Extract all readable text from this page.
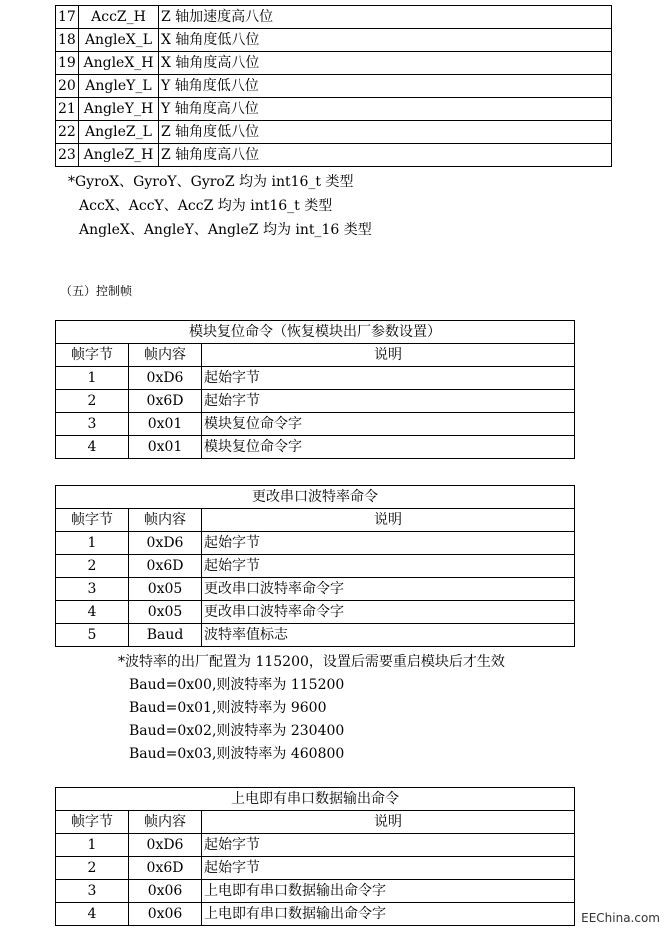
17	AccZ_H	Z 轴加速度高八位
18	AngleX_L	X 轴角度低八位
19	AngleX_H	X 轴角度高八位
20	AngleY_L	Y 轴角度低八位
21	AngleY_H	Y 轴角度高八位
22	AngleZ_L	Z 轴角度低八位
23	AngleZ_H	Z 轴角度高八位
*GyroX、GyroY、GyroZ 均为 int16_t 类型
AccX、AccY、AccZ 均为 int16_t 类型
AngleX、AngleY、AngleZ 均为 int_16 类型
（五）控制帧
模块复位命令（恢复模块出厂参数设置）		
帧字节	帧内容	说明
1	0xD6	起始字节
2	0x6D	起始字节
3	0x01	模块复位命令字
4	0x01	模块复位命令字
更改串口波特率命令		
帧字节	帧内容	说明
1	0xD6	起始字节
2	0x6D	起始字节
3	0x05	更改串口波特率命令字
4	0x05	更改串口波特率命令字
5	Baud	波特率值标志
*波特率的出厂配置为 115200，设置后需要重启模块后才生效
Baud=0x00,则波特率为 115200
Baud=0x01,则波特率为 9600
Baud=0x02,则波特率为 230400
Baud=0x03,则波特率为 460800
上电即有串口数据输出命令		
帧字节	帧内容	说明
1	0xD6	起始字节
2	0x6D	起始字节
3	0x06	上电即有串口数据输出命令字
4	0x06	上电即有串口数据输出命令字	EEChina.com
